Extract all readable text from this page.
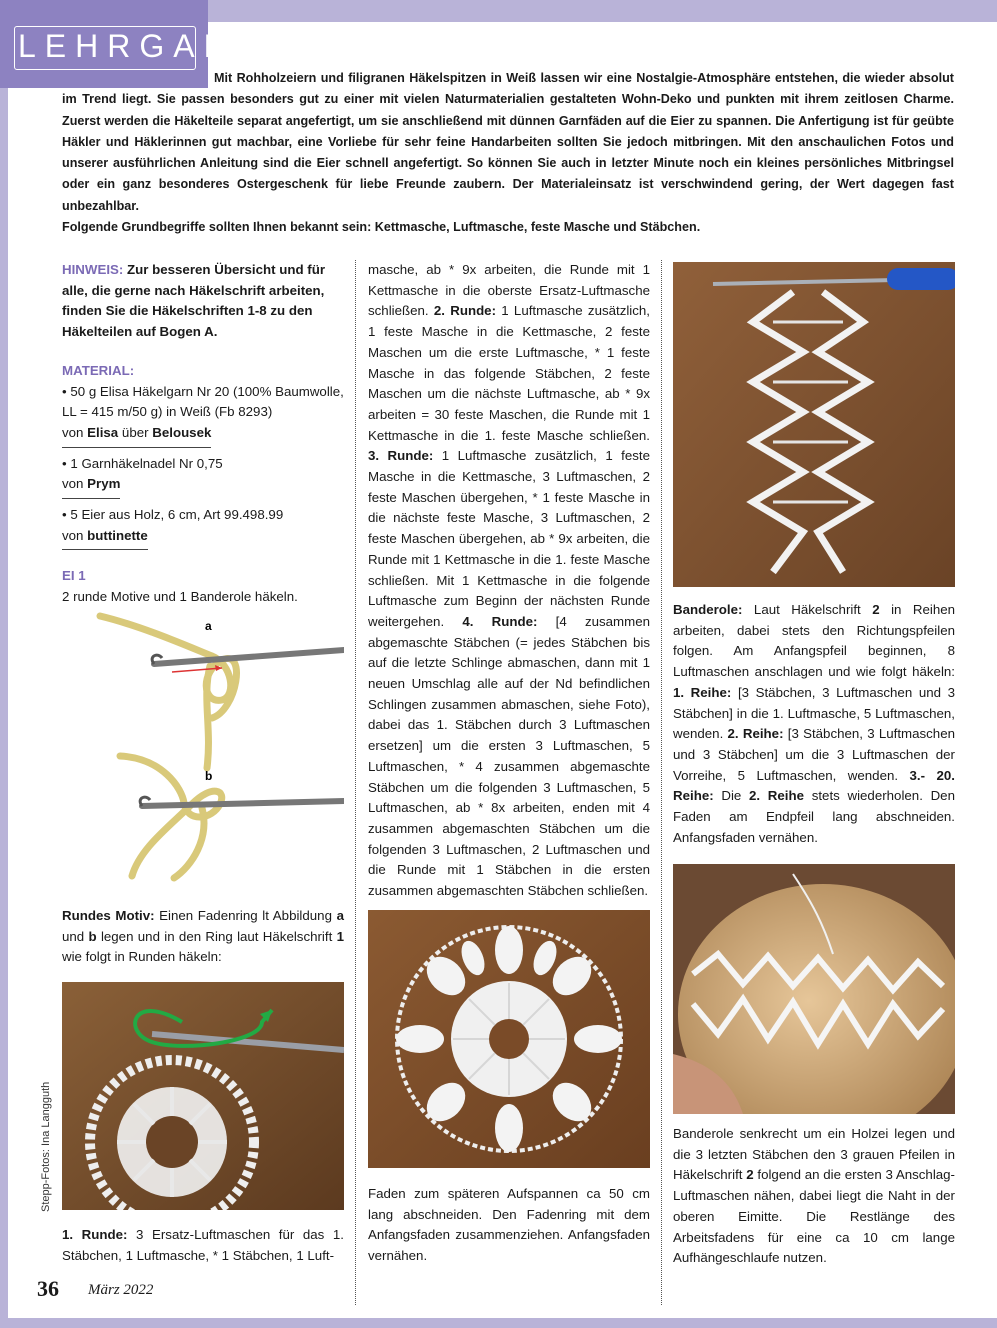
LEHRGANG

Mit Rohholzeiern und filigranen Häkelspitzen in Weiß lassen wir eine Nostalgie-Atmosphäre entstehen, die wieder absolut im Trend liegt. Sie passen besonders gut zu einer mit vielen Naturmaterialien gestalteten Wohn-Deko und punkten mit ihrem zeitlosen Charme. Zuerst werden die Häkelteile separat angefertigt, um sie anschließend mit dünnen Garnfäden auf die Eier zu spannen. Die Anfertigung ist für geübte Häkler und Häklerinnen gut machbar, eine Vorliebe für sehr feine Handarbeiten sollten Sie jedoch mitbringen. Mit den anschaulichen Fotos und unserer ausführlichen Anleitung sind die Eier schnell angefertigt. So können Sie auch in letzter Minute noch ein kleines persönliches Mitbringsel oder ein ganz besonderes Ostergeschenk für liebe Freunde zaubern. Der Materialeinsatz ist verschwindend gering, der Wert dagegen fast unbezahlbar.

Folgende Grundbegriffe sollten Ihnen bekannt sein: Kettmasche, Luftmasche, feste Masche und Stäbchen.

HINWEIS: Zur besseren Übersicht und für alle, die gerne nach Häkelschrift arbeiten, finden Sie die Häkelschriften 1-8 zu den Häkelteilen auf Bogen A.
MATERIAL:
• 50 g Elisa Häkelgarn Nr 20 (100% Baumwolle, LL = 415 m/50 g) in Weiß (Fb 8293)
von Elisa über Belousek
• 1 Garnhäkelnadel Nr 0,75
von Prym
• 5 Eier aus Holz, 6 cm, Art 99.498.99
von buttinette
EI 1
2 runde Motive und 1 Banderole häkeln.
a
b
Rundes Motiv: Einen Fadenring lt Abbildung a und b legen und in den Ring laut Häkelschrift 1 wie folgt in Runden häkeln:
1. Runde: 3 Ersatz-Luftmaschen für das 1. Stäbchen, 1 Luftmasche, * 1 Stäbchen, 1 Luft-
Stepp-Fotos: Ina Langguth
masche, ab * 9x arbeiten, die Runde mit 1 Kettmasche in die oberste Ersatz-Luftmasche schließen. 2. Runde: 1 Luftmasche zusätzlich, 1 feste Masche in die Kettmasche, 2 feste Maschen um die erste Luftmasche, * 1 feste Masche in das folgende Stäbchen, 2 feste Maschen um die nächste Luftmasche, ab * 9x arbeiten = 30 feste Maschen, die Runde mit 1 Kettmasche in die 1. feste Masche schließen. 3. Runde: 1 Luftmasche zusätzlich, 1 feste Masche in die Kettmasche, 3 Luftmaschen, 2 feste Maschen übergehen, * 1 feste Masche in die nächste feste Masche, 3 Luftmaschen, 2 feste Maschen übergehen, ab * 9x arbeiten, die Runde mit 1 Kettmasche in die 1. feste Masche schließen. Mit 1 Kettmasche in die folgende Luftmasche zum Beginn der nächsten Runde weitergehen. 4. Runde: [4 zusammen abgemaschte Stäbchen (= jedes Stäbchen bis auf die letzte Schlinge abmaschen, dann mit 1 neuen Umschlag alle auf der Nd befindlichen Schlingen zusammen abmaschen, siehe Foto), dabei das 1. Stäbchen durch 3 Luftmaschen ersetzen] um die ersten 3 Luftmaschen, 5 Luftmaschen, * 4 zusammen abgemaschte Stäbchen um die folgenden 3 Luftmaschen, 5 Luftmaschen, ab * 8x arbeiten, enden mit 4 zusammen abgemaschten Stäbchen um die folgenden 3 Luftmaschen, 2 Luftmaschen und die Runde mit 1 Stäbchen in die ersten zusammen abgemaschten Stäbchen schließen.
Faden zum späteren Aufspannen ca 50 cm lang abschneiden. Den Fadenring mit dem Anfangsfaden zusammenziehen. Anfangsfaden vernähen.
Banderole: Laut Häkelschrift 2 in Reihen arbeiten, dabei stets den Richtungspfeilen folgen. Am Anfangspfeil beginnen, 8 Luftmaschen anschlagen und wie folgt häkeln: 1. Reihe: [3 Stäbchen, 3 Luftmaschen und 3 Stäbchen] in die 1. Luftmasche, 5 Luftmaschen, wenden. 2. Reihe: [3 Stäbchen, 3 Luftmaschen und 3 Stäbchen] um die 3 Luftmaschen der Vorreihe, 5 Luftmaschen, wenden. 3.- 20. Reihe: Die 2. Reihe stets wiederholen. Den Faden am Endpfeil lang abschneiden. Anfangsfaden vernähen.
Banderole senkrecht um ein Holzei legen und die 3 letzten Stäbchen den 3 grauen Pfeilen in Häkelschrift 2 folgend an die ersten 3 Anschlag-Luftmaschen nähen, dabei liegt die Naht in der oberen Eimitte. Die Restlänge des Arbeitsfadens für eine ca 10 cm lange Aufhängeschlaufe nutzen.
36 März 2022
